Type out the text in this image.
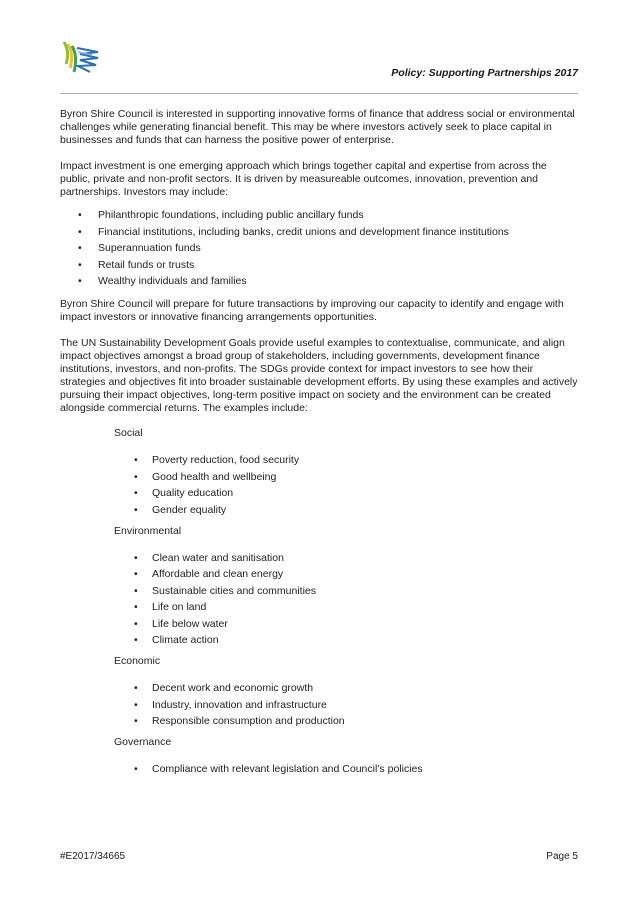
Policy: Supporting Partnerships 2017

Byron Shire Council is interested in supporting innovative forms of finance that address social or environmental challenges while generating financial benefit. This may be where investors actively seek to place capital in businesses and funds that can harness the positive power of enterprise.

Impact investment is one emerging approach which brings together capital and expertise from across the public, private and non-profit sectors. It is driven by measureable outcomes, innovation, prevention and partnerships. Investors may include:

• Philanthropic foundations, including public ancillary funds
• Financial institutions, including banks, credit unions and development finance institutions
• Superannuation funds
• Retail funds or trusts
• Wealthy individuals and families

Byron Shire Council will prepare for future transactions by improving our capacity to identify and engage with impact investors or innovative financing arrangements opportunities.

The UN Sustainability Development Goals provide useful examples to contextualise, communicate, and align impact objectives amongst a broad group of stakeholders, including governments, development finance institutions, investors, and non-profits. The SDGs provide context for impact investors to see how their strategies and objectives fit into broader sustainable development efforts. By using these examples and actively pursuing their impact objectives, long-term positive impact on society and the environment can be created alongside commercial returns. The examples include:

Social
• Poverty reduction, food security
• Good health and wellbeing
• Quality education
• Gender equality
Environmental
• Clean water and sanitisation
• Affordable and clean energy
• Sustainable cities and communities
• Life on land
• Life below water
• Climate action
Economic
• Decent work and economic growth
• Industry, innovation and infrastructure
• Responsible consumption and production
Governance
• Compliance with relevant legislation and Council’s policies
#E2017/34665	Page 5
